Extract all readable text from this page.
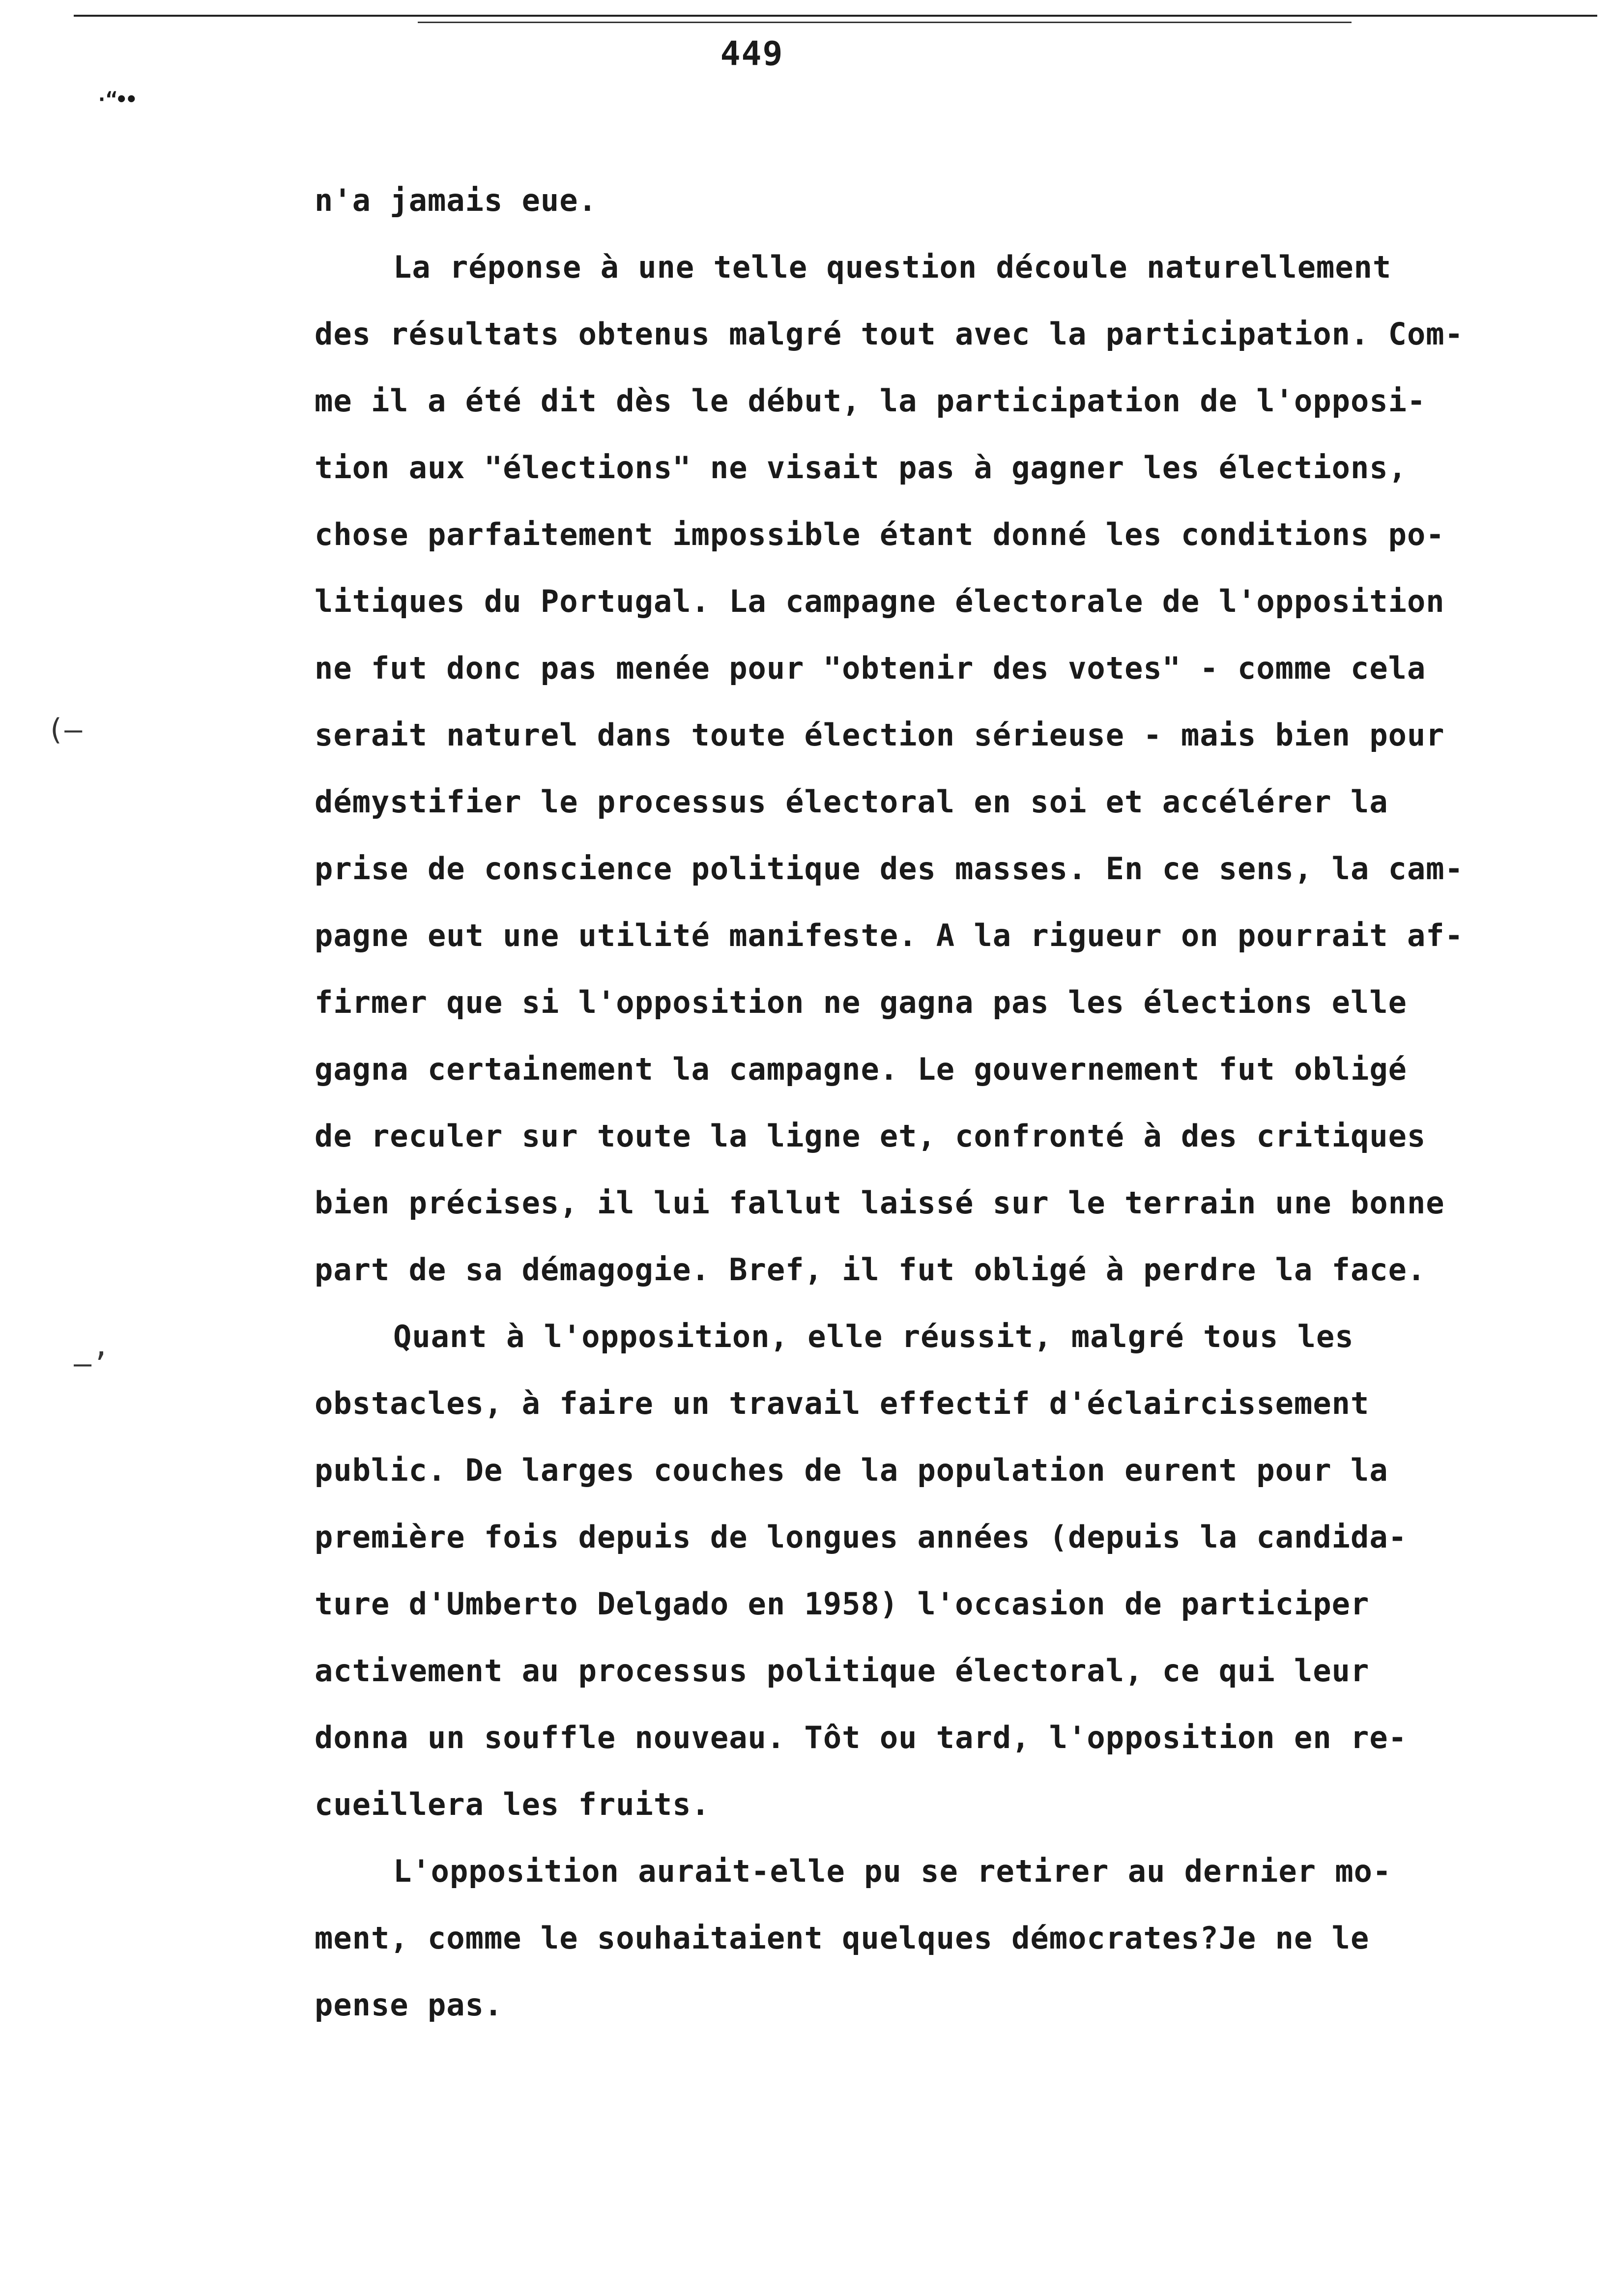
449
·“••
(—
—ʼ
n'a jamais eue.
La réponse à une telle question découle naturellement
des résultats obtenus malgré tout avec la participation. Com-
me il a été dit dès le début, la participation de l'opposi-
tion aux "élections" ne visait pas à gagner les élections,
chose parfaitement impossible étant donné les conditions po-
litiques du Portugal. La campagne électorale de l'opposition
ne fut donc pas menée pour "obtenir des votes" - comme cela
serait naturel dans toute élection sérieuse - mais bien pour
démystifier le processus électoral en soi et accélérer la
prise de conscience politique des masses. En ce sens, la cam-
pagne eut une utilité manifeste. A la rigueur on pourrait af-
firmer que si l'opposition ne gagna pas les élections elle
gagna certainement la campagne. Le gouvernement fut obligé
de reculer sur toute la ligne et, confronté à des critiques
bien précises, il lui fallut laissé sur le terrain une bonne
part de sa démagogie. Bref, il fut obligé à perdre la face.
Quant à l'opposition, elle réussit, malgré tous les
obstacles, à faire un travail effectif d'éclaircissement
public. De larges couches de la population eurent pour la
première fois depuis de longues années (depuis la candida-
ture d'Umberto Delgado en 1958) l'occasion de participer
activement au processus politique électoral, ce qui leur
donna un souffle nouveau. Tôt ou tard, l'opposition en re-
cueillera les fruits.
L'opposition aurait-elle pu se retirer au dernier mo-
ment, comme le souhaitaient quelques démocrates?Je ne le
pense pas.
